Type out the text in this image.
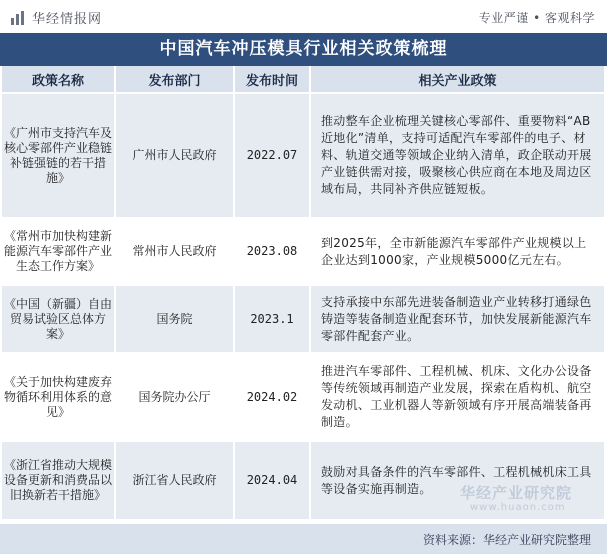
华经情报网	专业严谨 • 客观科学
中国汽车冲压模具行业相关政策梳理
政策名称	发布部门	发布时间	相关产业政策
《广州市支持汽车及核心零部件产业稳链补链强链的若干措施》	广州市人民政府	2022.07	推动整车企业梳理关键核心零部件、重要物料“AB近地化”清单，支持可适配汽车零部件的电子、材料、轨道交通等领域企业纳入清单，政企联动开展产业链供需对接，吸聚核心供应商在本地及周边区域布局，共同补齐供应链短板。
《常州市加快构建新能源汽车零部件产业生态工作方案》	常州市人民政府	2023.08	到2025年，全市新能源汽车零部件产业规模以上企业达到1000家，产业规模5000亿元左右。
《中国（新疆）自由贸易试验区总体方案》	国务院	2023.1	支持承接中东部先进装备制造业产业转移打通绿色铸造等装备制造业配套环节，加快发展新能源汽车零部件配套产业。
《关于加快构建废弃物循环利用体系的意见》	国务院办公厅	2024.02	推进汽车零部件、工程机械、机床、文化办公设备等传统领域再制造产业发展，探索在盾构机、航空发动机、工业机器人等新领域有序开展高端装备再制造。
《浙江省推动大规模设备更新和消费品以旧换新若干措施》	浙江省人民政府	2024.04	鼓励对具备条件的汽车零部件、工程机械机床工具等设备实施再制造。 华经产业研究院
www.huaon.com
资料来源：华经产业研究院整理
